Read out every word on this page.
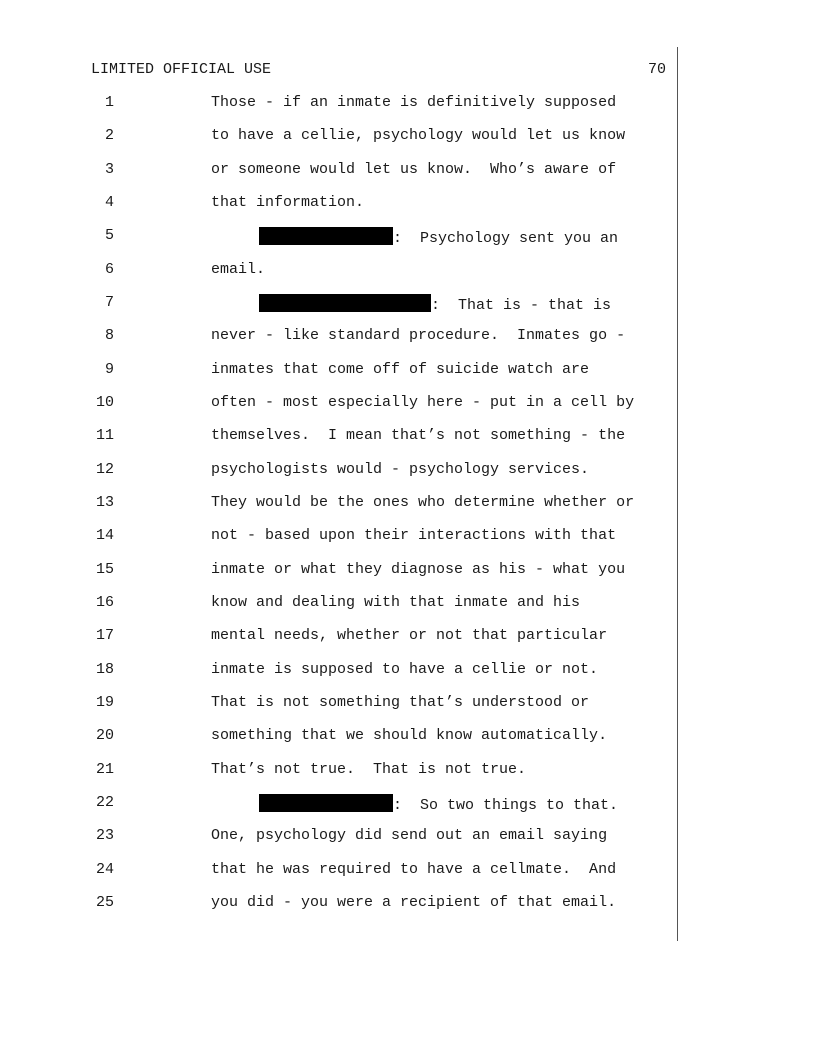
LIMITED OFFICIAL USE	70
1	Those - if an inmate is definitively supposed
2	to have a cellie, psychology would let us know
3	or someone would let us know.  Who’s aware of
4	that information.
5	:  Psychology sent you an
6	email.
7	:  That is - that is
8	never - like standard procedure.  Inmates go -
9	inmates that come off of suicide watch are
10	often - most especially here - put in a cell by
11	themselves.  I mean that’s not something - the
12	psychologists would - psychology services.
13	They would be the ones who determine whether or
14	not - based upon their interactions with that
15	inmate or what they diagnose as his - what you
16	know and dealing with that inmate and his
17	mental needs, whether or not that particular
18	inmate is supposed to have a cellie or not.
19	That is not something that’s understood or
20	something that we should know automatically.
21	That’s not true.  That is not true.
22	:  So two things to that.
23	One, psychology did send out an email saying
24	that he was required to have a cellmate.  And
25	you did - you were a recipient of that email.
